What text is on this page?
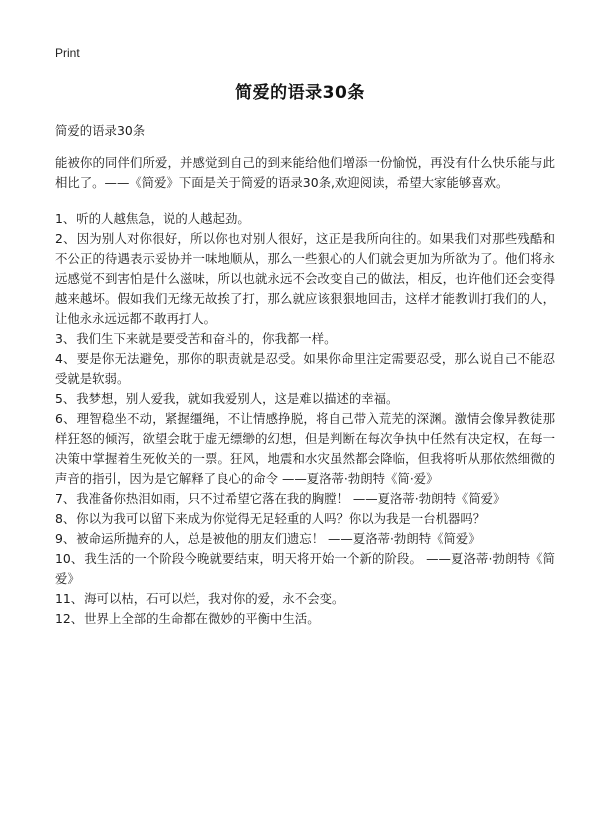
Print
简爱的语录30条

简爱的语录30条

能被你的同伴们所爱，并感觉到自己的到来能给他们增添一份愉悦，再没有什么快乐能与此相比了。——《简爱》下面是关于简爱的语录30条,欢迎阅读，希望大家能够喜欢。

1、听的人越焦急，说的人越起劲。

2、因为别人对你很好，所以你也对别人很好，这正是我所向往的。如果我们对那些残酷和不公正的待遇表示妥协并一味地顺从，那么一些狠心的人们就会更加为所欲为了。他们将永远感觉不到害怕是什么滋味，所以也就永远不会改变自己的做法，相反，也许他们还会变得越来越坏。假如我们无缘无故挨了打，那么就应该狠狠地回击，这样才能教训打我们的人，让他永永远远都不敢再打人。

3、我们生下来就是要受苦和奋斗的，你我都一样。

4、要是你无法避免，那你的职责就是忍受。如果你命里注定需要忍受，那么说自己不能忍受就是软弱。

5、我梦想，别人爱我，就如我爱别人，这是难以描述的幸福。

6、理智稳坐不动，紧握缰绳，不让情感挣脱，将自己带入荒芜的深渊。激情会像异教徒那样狂怒的倾泻，欲望会耽于虚无缥缈的幻想，但是判断在每次争执中任然有决定权，在每一决策中掌握着生死攸关的一票。狂风，地震和水灾虽然都会降临，但我将听从那依然细微的声音的指引，因为是它解释了良心的命令 ——夏洛蒂·勃朗特《简·爱》

7、我准备你热泪如雨，只不过希望它落在我的胸膛！ ——夏洛蒂·勃朗特《简爱》

8、你以为我可以留下来成为你觉得无足轻重的人吗？你以为我是一台机器吗？

9、被命运所抛弃的人，总是被他的朋友们遗忘！ ——夏洛蒂·勃朗特《简爱》

10、我生活的一个阶段今晚就要结束，明天将开始一个新的阶段。 ——夏洛蒂·勃朗特《简爱》

11、海可以枯，石可以烂，我对你的爱，永不会变。

12、世界上全部的生命都在微妙的平衡中生活。
